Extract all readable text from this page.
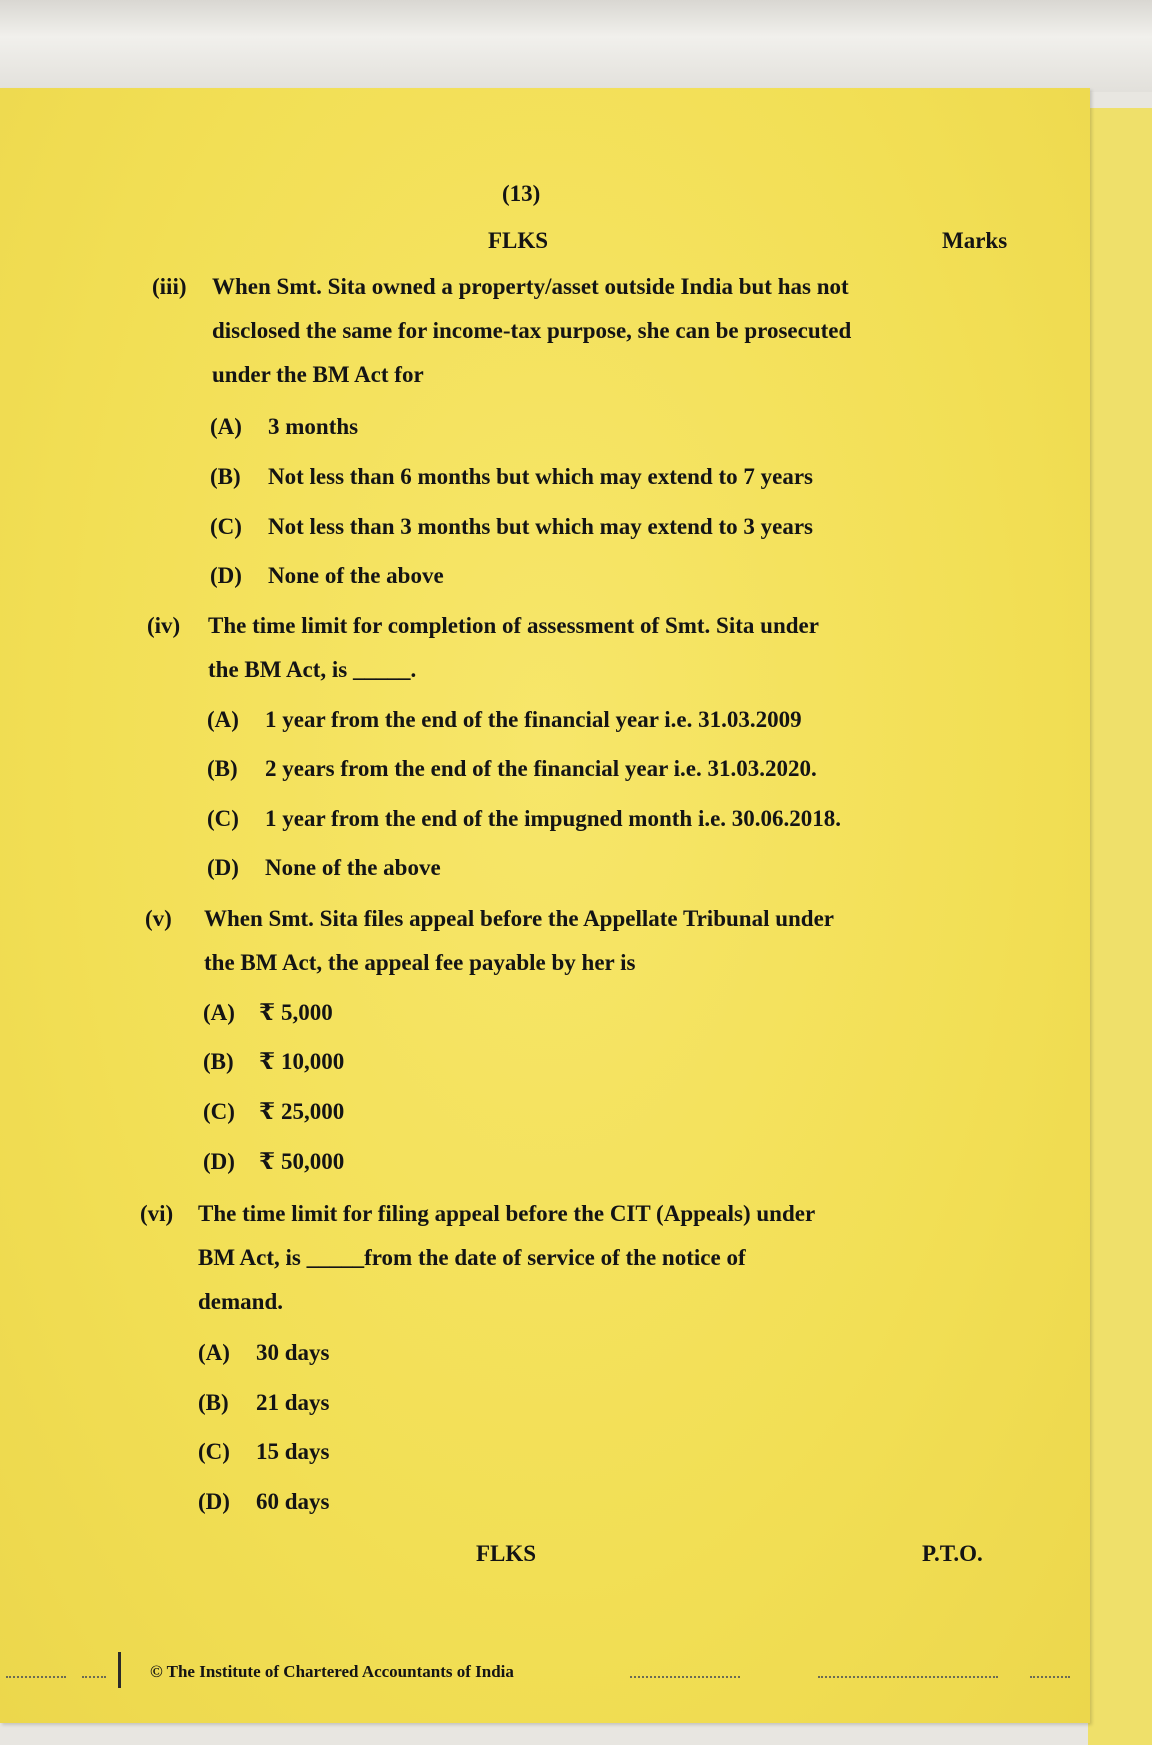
(13)
FLKS	Marks
(iii) When Smt. Sita owned a property/asset outside India but has not
disclosed the same for income-tax purpose, she can be prosecuted
under the BM Act for
(A) 3 months
(B) Not less than 6 months but which may extend to 7 years
(C) Not less than 3 months but which may extend to 3 years
(D) None of the above
(iv) The time limit for completion of assessment of Smt. Sita under
the BM Act, is _____.
(A) 1 year from the end of the financial year i.e. 31.03.2009
(B) 2 years from the end of the financial year i.e. 31.03.2020.
(C) 1 year from the end of the impugned month i.e. 30.06.2018.
(D) None of the above
(v) When Smt. Sita files appeal before the Appellate Tribunal under
the BM Act, the appeal fee payable by her is
(A) ₹ 5,000
(B) ₹ 10,000
(C) ₹ 25,000
(D) ₹ 50,000
(vi) The time limit for filing appeal before the CIT (Appeals) under
BM Act, is _____from the date of service of the notice of
demand.
(A) 30 days
(B) 21 days
(C) 15 days
(D) 60 days
FLKS	P.T.O.
© The Institute of Chartered Accountants of India
